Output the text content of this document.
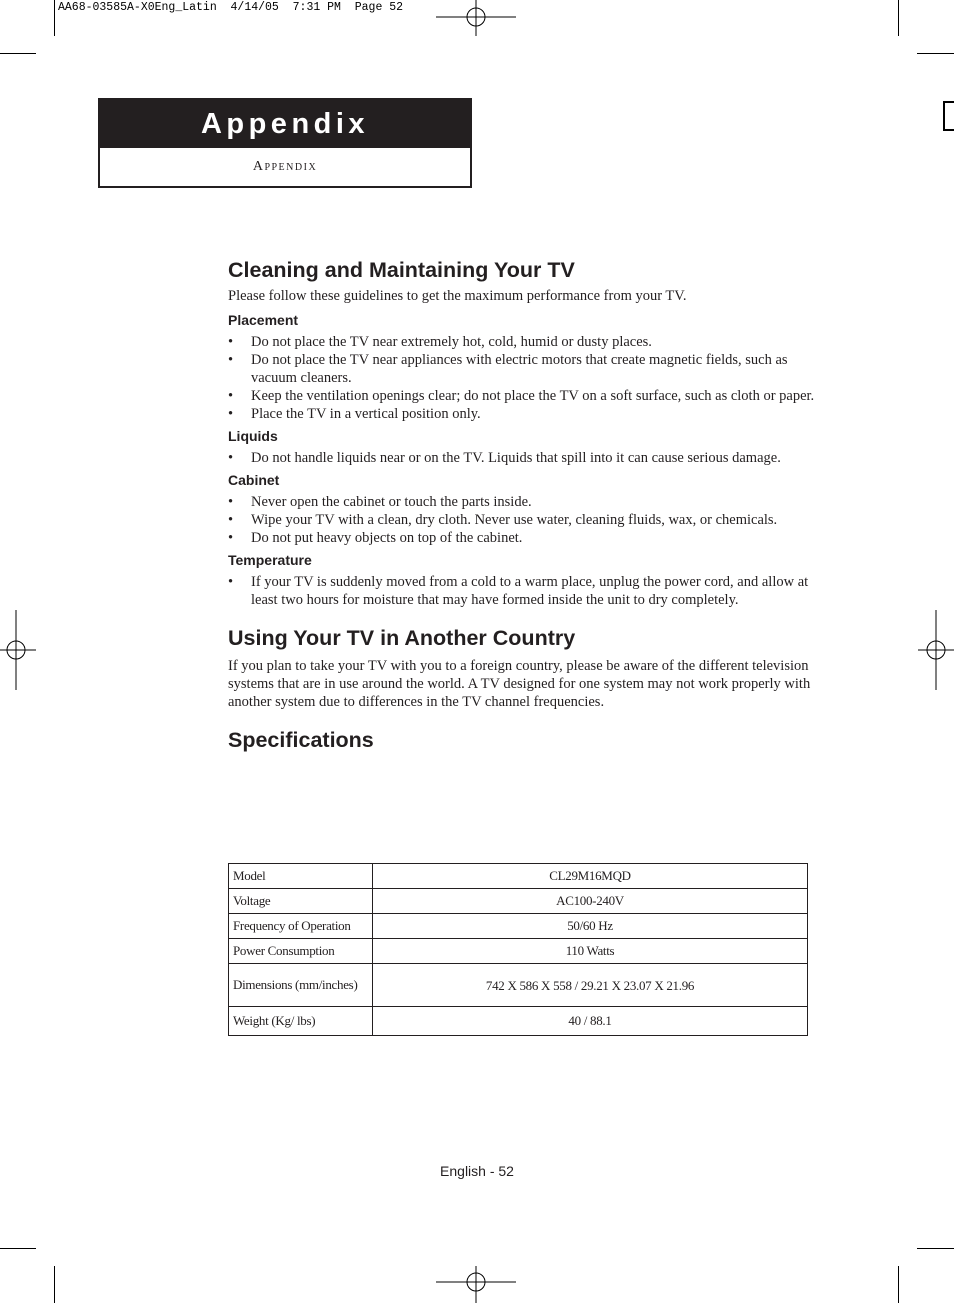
AA68-03585A-X0Eng_Latin  4/14/05  7:31 PM  Page 52
Appendix
Appendix
Cleaning and Maintaining Your TV

Please follow these guidelines to get the maximum performance from your TV.

Placement
• Do not place the TV near extremely hot, cold, humid or dusty places.
• Do not place the TV near appliances with electric motors that create magnetic fields, such as vacuum cleaners.
• Keep the ventilation openings clear; do not place the TV on a soft surface, such as cloth or paper.
• Place the TV in a vertical position only.
Liquids
• Do not handle liquids near or on the TV. Liquids that spill into it can cause serious damage.
Cabinet
• Never open the cabinet or touch the parts inside.
• Wipe your TV with a clean, dry cloth. Never use water, cleaning fluids, wax, or chemicals.
• Do not put heavy objects on top of the cabinet.
Temperature
• If your TV is suddenly moved from a cold to a warm place, unplug the power cord, and allow at least two hours for moisture that may have formed inside the unit to dry completely.
Using Your TV in Another Country

If you plan to take your TV with you to a foreign country, please be aware of the different television systems that are in use around the world. A TV designed for one system may not work properly with another system due to differences in the TV channel frequencies.

Specifications
Model	CL29M16MQD
Voltage	AC100-240V
Frequency of Operation	50/60 Hz
Power Consumption	110 Watts
Dimensions (mm/inches)	742 X 586 X 558 / 29.21 X 23.07 X 21.96
Weight (Kg/ lbs)	40 / 88.1
English - 52
